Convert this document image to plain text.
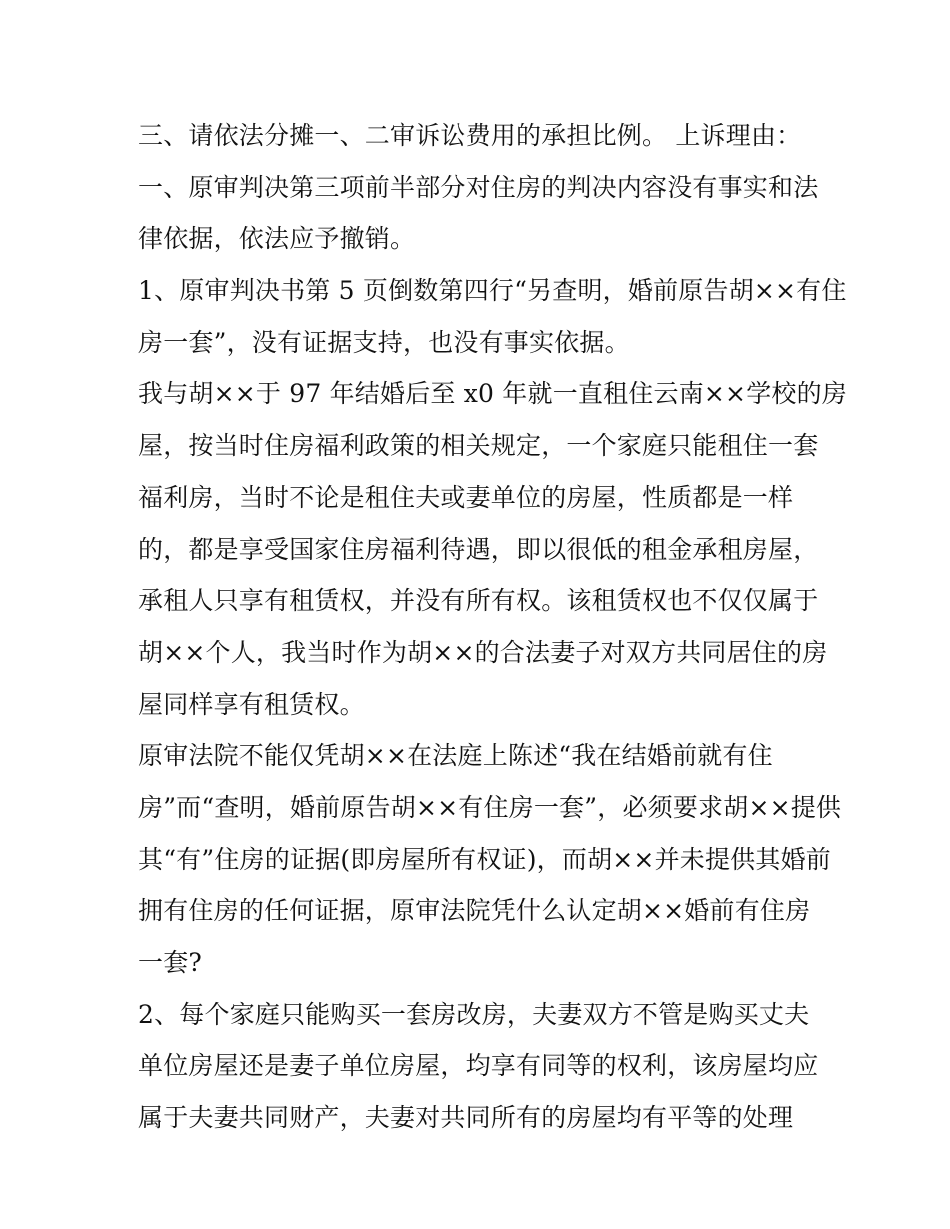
三、请依法分摊一、二审诉讼费用的承担比例。 上诉理由：
一、原审判决第三项前半部分对住房的判决内容没有事实和法
律依据，依法应予撤销。
1、原审判决书第 5 页倒数第四行“另查明，婚前原告胡××有住
房一套”，没有证据支持，也没有事实依据。
我与胡××于 97 年结婚后至 x0 年就一直租住云南××学校的房
屋，按当时住房福利政策的相关规定，一个家庭只能租住一套
福利房，当时不论是租住夫或妻单位的房屋，性质都是一样
的，都是享受国家住房福利待遇，即以很低的租金承租房屋，
承租人只享有租赁权，并没有所有权。该租赁权也不仅仅属于
胡××个人，我当时作为胡××的合法妻子对双方共同居住的房
屋同样享有租赁权。
原审法院不能仅凭胡××在法庭上陈述“我在结婚前就有住
房”而“查明，婚前原告胡××有住房一套”，必须要求胡××提供
其“有”住房的证据(即房屋所有权证)，而胡××并未提供其婚前
拥有住房的任何证据，原审法院凭什么认定胡××婚前有住房
一套?
2、每个家庭只能购买一套房改房，夫妻双方不管是购买丈夫
单位房屋还是妻子单位房屋，均享有同等的权利，该房屋均应
属于夫妻共同财产，夫妻对共同所有的房屋均有平等的处理
